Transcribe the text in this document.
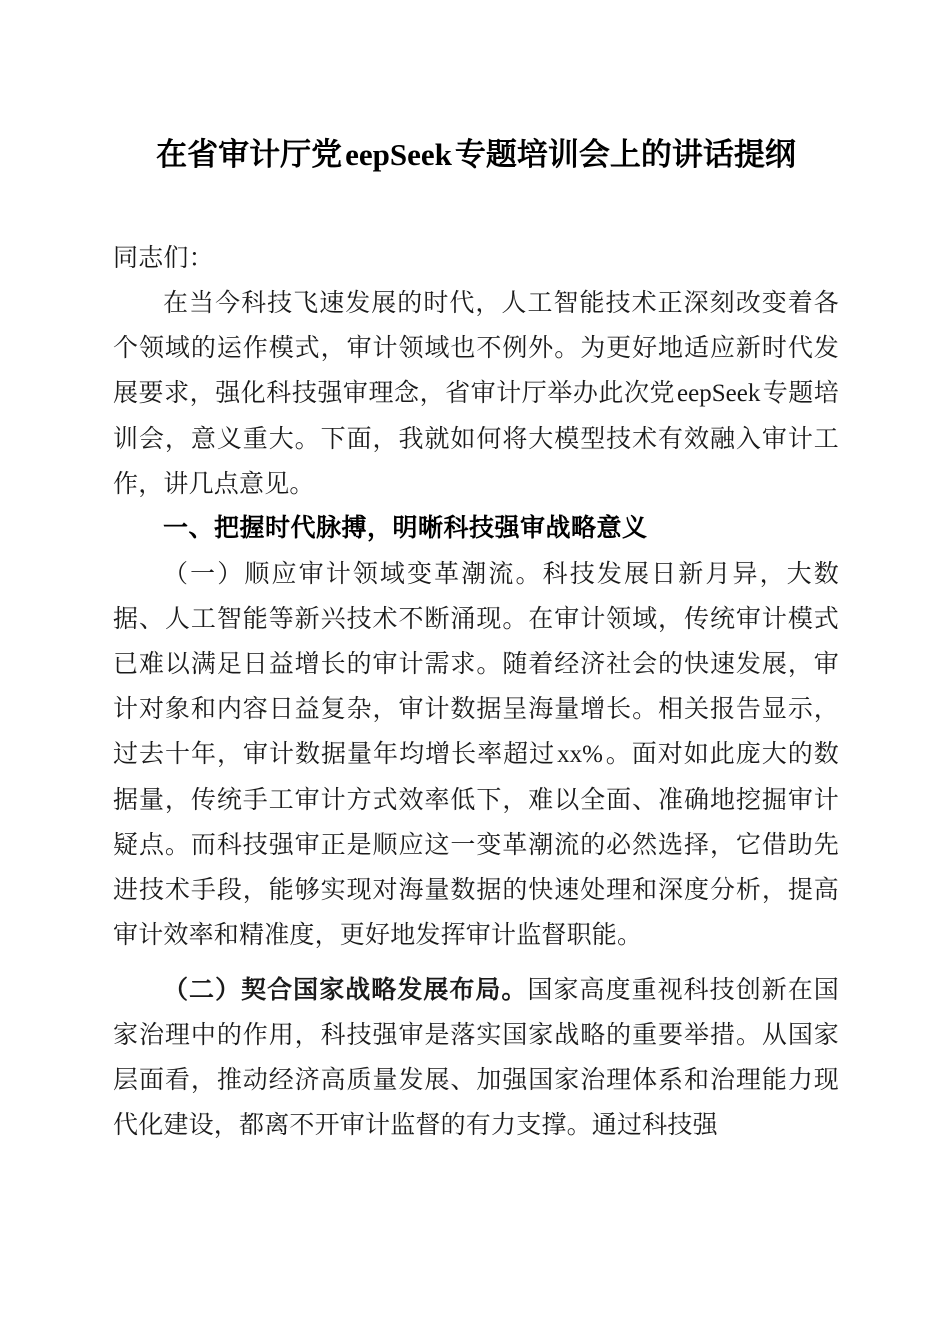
在省审计厅党eepSeek专题培训会上的讲话提纲

同志们：

在当今科技飞速发展的时代，人工智能技术正深刻改变着各个领域的运作模式，审计领域也不例外。为更好地适应新时代发展要求，强化科技强审理念，省审计厅举办此次党eepSeek专题培训会，意义重大。下面，我就如何将大模型技术有效融入审计工作，讲几点意见。

一、把握时代脉搏，明晰科技强审战略意义

（一）顺应审计领域变革潮流。科技发展日新月异，大数据、人工智能等新兴技术不断涌现。在审计领域，传统审计模式已难以满足日益增长的审计需求。随着经济社会的快速发展，审计对象和内容日益复杂，审计数据呈海量增长。相关报告显示，过去十年，审计数据量年均增长率超过xx%。面对如此庞大的数据量，传统手工审计方式效率低下，难以全面、准确地挖掘审计疑点。而科技强审正是顺应这一变革潮流的必然选择，它借助先进技术手段，能够实现对海量数据的快速处理和深度分析，提高审计效率和精准度，更好地发挥审计监督职能。

（二）契合国家战略发展布局。国家高度重视科技创新在国家治理中的作用，科技强审是落实国家战略的重要举措。从国家层面看，推动经济高质量发展、加强国家治理体系和治理能力现代化建设，都离不开审计监督的有力支撑。通过科技强
